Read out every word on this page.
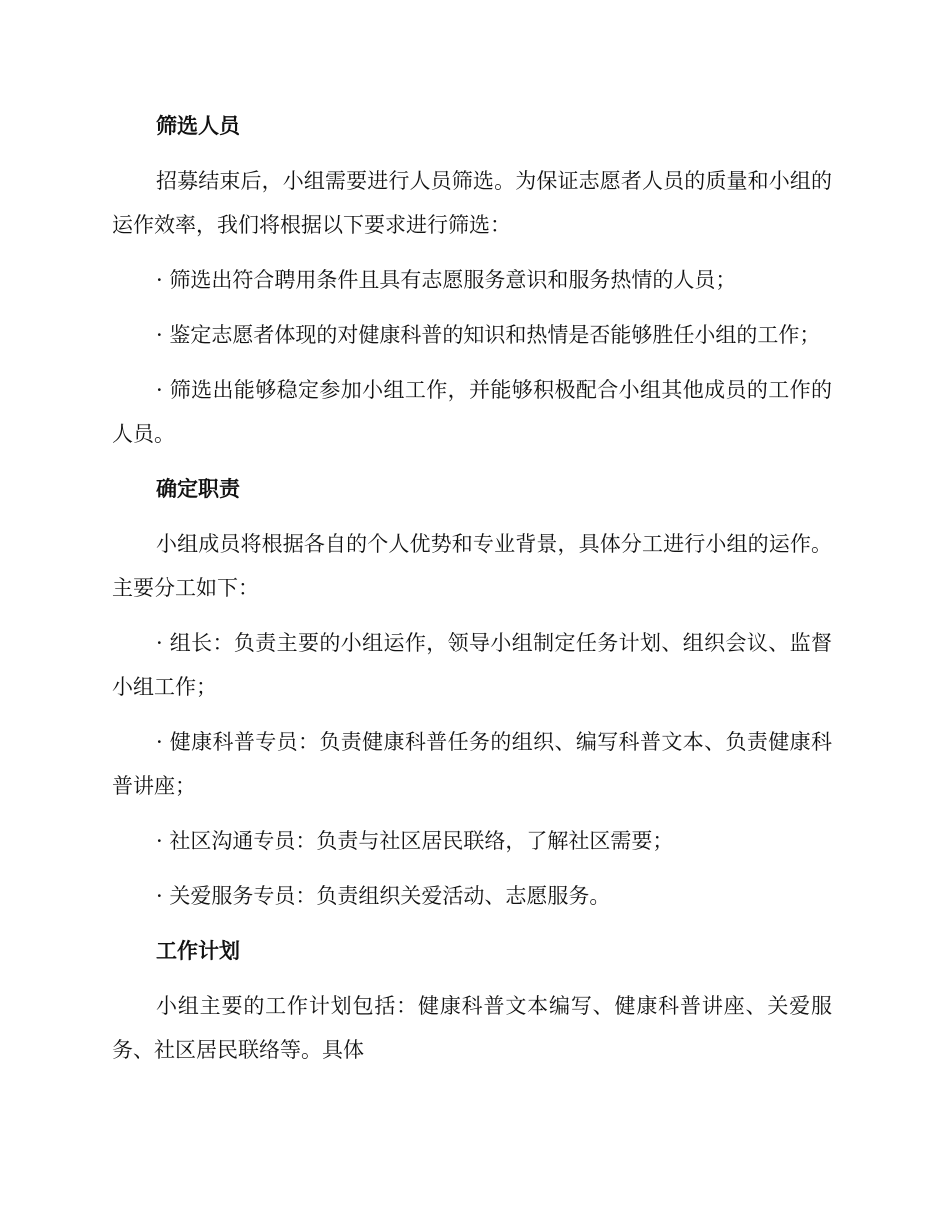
筛选人员

招募结束后，小组需要进行人员筛选。为保证志愿者人员的质量和小组的运作效率，我们将根据以下要求进行筛选：

· 筛选出符合聘用条件且具有志愿服务意识和服务热情的人员；

· 鉴定志愿者体现的对健康科普的知识和热情是否能够胜任小组的工作；

· 筛选出能够稳定参加小组工作，并能够积极配合小组其他成员的工作的人员。

确定职责

小组成员将根据各自的个人优势和专业背景，具体分工进行小组的运作。主要分工如下：

· 组长：负责主要的小组运作，领导小组制定任务计划、组织会议、监督小组工作；

· 健康科普专员：负责健康科普任务的组织、编写科普文本、负责健康科普讲座；

· 社区沟通专员：负责与社区居民联络，了解社区需要；

· 关爱服务专员：负责组织关爱活动、志愿服务。

工作计划

小组主要的工作计划包括：健康科普文本编写、健康科普讲座、关爱服务、社区居民联络等。具体
